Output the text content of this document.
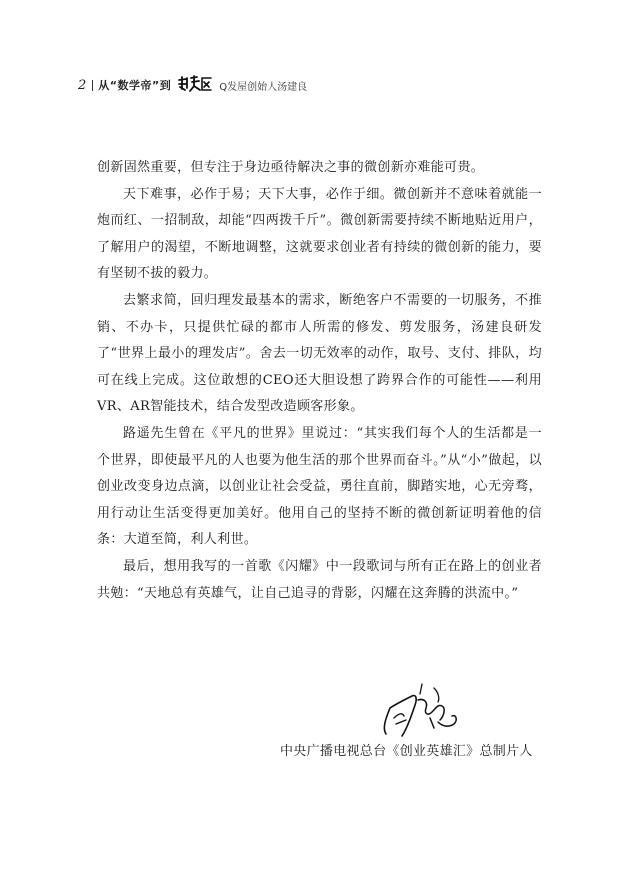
2 从“数学帝”到	Q发屋创始人汤建良

创新固然重要，但专注于身边亟待解决之事的微创新亦难能可贵。

天下难事，必作于易；天下大事，必作于细。微创新并不意味着就能一炮而红、一招制敌，却能“四两拨千斤”。微创新需要持续不断地贴近用户，了解用户的渴望，不断地调整，这就要求创业者有持续的微创新的能力，要有坚韧不拔的毅力。

去繁求简，回归理发最基本的需求，断绝客户不需要的一切服务，不推销、不办卡，只提供忙碌的都市人所需的修发、剪发服务，汤建良研发了“世界上最小的理发店”。舍去一切无效率的动作，取号、支付、排队，均可在线上完成。这位敢想的CEO还大胆设想了跨界合作的可能性——利用VR、AR智能技术，结合发型改造顾客形象。

路遥先生曾在《平凡的世界》里说过：“其实我们每个人的生活都是一个世界，即使最平凡的人也要为他生活的那个世界而奋斗。”从“小”做起，以创业改变身边点滴，以创业让社会受益，勇往直前，脚踏实地，心无旁骛，用行动让生活变得更加美好。他用自己的坚持不断的微创新证明着他的信条：大道至简，利人利世。

最后，想用我写的一首歌《闪耀》中一段歌词与所有正在路上的创业者共勉：“天地总有英雄气，让自己追寻的背影，闪耀在这奔腾的洪流中。”

中央广播电视总台《创业英雄汇》总制片人
